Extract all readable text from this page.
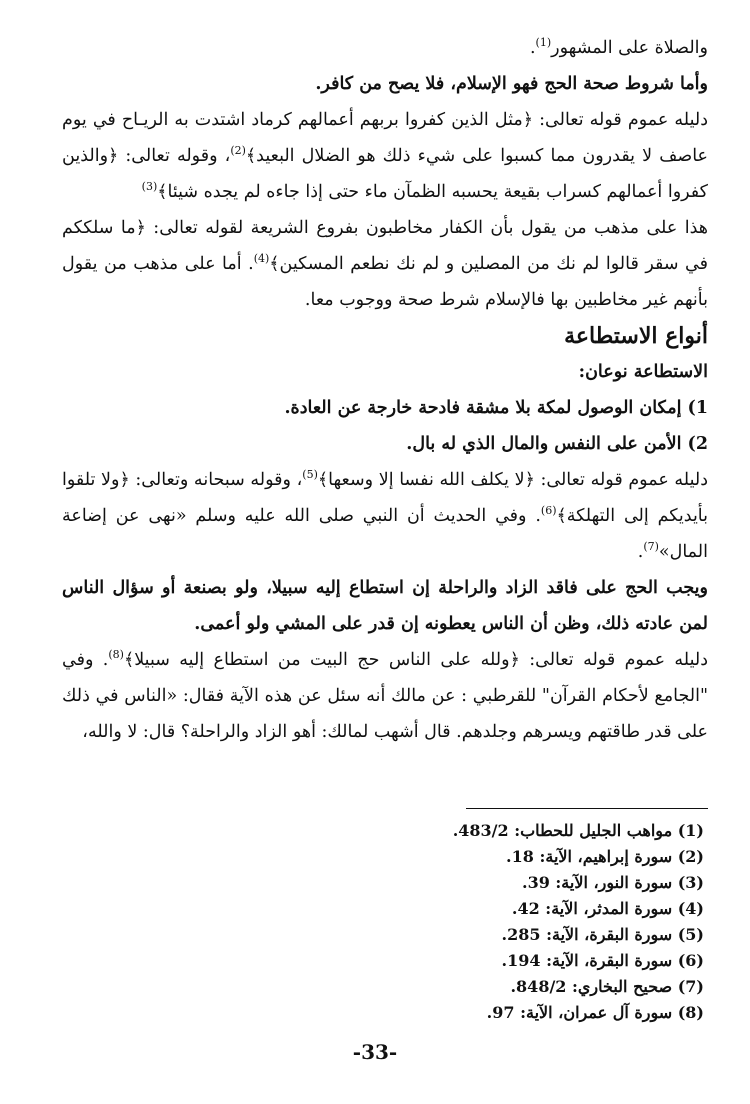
والصلاة على المشهور$^{(1)}$.

وأما شروط صحة الحج فهو الإسلام، فلا يصح من كافر.

دليله عموم قوله تعالى: ﴿مثل الذين كفروا بربهم أعمالهم كرماد اشتدت به الريـاح في يوم عاصف لا يقدرون مما كسبوا على شيء ذلك هو الضلال البعيد﴾$^{(2)}$، وقوله تعالى: ﴿والذين كفروا أعمالهم كسراب بقيعة يحسبه الظمآن ماء حتى إذا جاءه لم يجده شيئا﴾$^{(3)}$

هذا على مذهب من يقول بأن الكفار مخاطبون بفروع الشريعة لقوله تعالى: ﴿ما سلككم في سقر قالوا لم نك من المصلين و لم نك نطعم المسكين﴾$^{(4)}$. أما على مذهب من يقول بأنهم غير مخاطبين بها فالإسلام شرط صحة ووجوب معا.

أنواع الاستطاعة

الاستطاعة نوعان:

1) إمكان الوصول لمكة بلا مشقة فادحة خارجة عن العادة.

2) الأمن على النفس والمال الذي له بال.

دليله عموم قوله تعالى: ﴿لا يكلف الله نفسا إلا وسعها﴾$^{(5)}$، وقوله سبحانه وتعالى: ﴿ولا تلقوا بأيديكم إلى التهلكة﴾$^{(6)}$. وفي الحديث أن النبي صلى الله عليه وسلم «نهى عن إضاعة المال»$^{(7)}$.

ويجب الحج على فاقد الزاد والراحلة إن استطاع إليه سبيلا، ولو بصنعة أو سؤال الناس لمن عادته ذلك، وظن أن الناس يعطونه إن قدر على المشي ولو أعمى.

دليله عموم قوله تعالى: ﴿ولله على الناس حج البيت من استطاع إليه سبيلا﴾$^{(8)}$. وفي "الجامع لأحكام القرآن" للقرطبي : عن مالك أنه سئل عن هذه الآية فقال: «الناس في ذلك على قدر طاقتهم ويسرهم وجلدهم. قال أشهب لمالك: أهو الزاد والراحلة؟ قال: لا والله،

(1) مواهب الجليل للحطاب: 483/2.
(2) سورة إبراهيم، الآية: 18.
(3) سورة النور، الآية: 39.
(4) سورة المدثر، الآية: 42.
(5) سورة البقرة، الآية: 285.
(6) سورة البقرة، الآية: 194.
(7) صحيح البخاري: 848/2.
(8) سورة آل عمران، الآية: 97.
-33-
